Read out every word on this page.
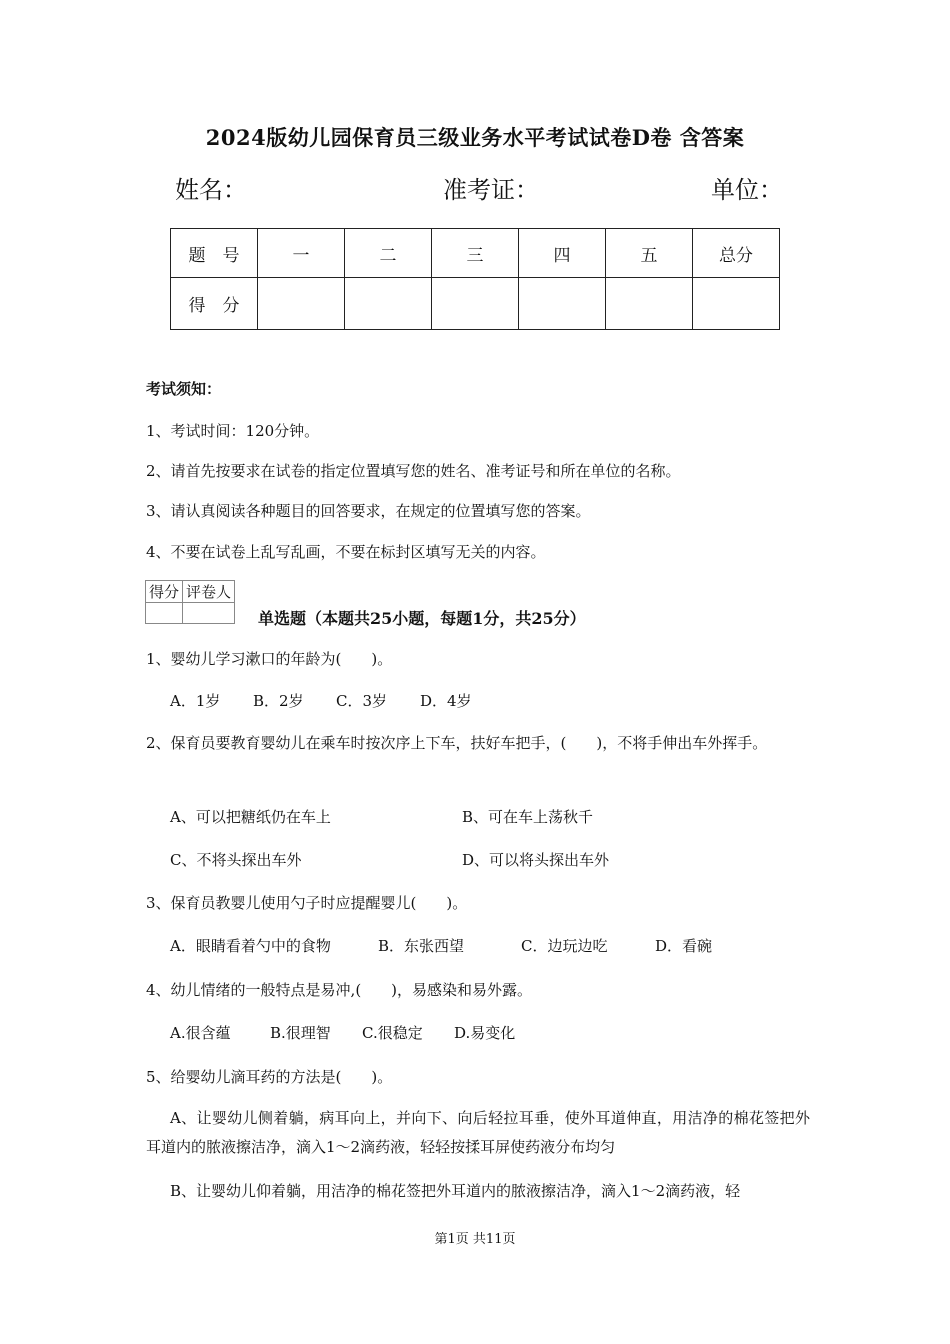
2024版幼儿园保育员三级业务水平考试试卷D卷 含答案
姓名：	准考证：	单位：
题　号	一	二	三	四	五	总分
得　分						
考试须知：
1、考试时间：120分钟。
2、请首先按要求在试卷的指定位置填写您的姓名、准考证号和所在单位的名称。
3、请认真阅读各种题目的回答要求，在规定的位置填写您的答案。
4、不要在试卷上乱写乱画，不要在标封区填写无关的内容。
得分	评卷人

单选题（本题共25小题，每题1分，共25分）
1、婴幼儿学习漱口的年龄为(　　)。
A．1岁 B．2岁 C．3岁 D．4岁
2、保育员要教育婴幼儿在乘车时按次序上下车，扶好车把手，(　　)，不将手伸出车外挥手。
A、可以把糖纸仍在车上	B、可在车上荡秋千
C、不将头探出车外	D、可以将头探出车外
3、保育员教婴儿使用勺子时应提醒婴儿(　　)。
A．眼睛看着勺中的食物	B．东张西望	C．边玩边吃	D．看碗
4、幼儿情绪的一般特点是易冲,(　　)，易感染和易外露。
A.很含蕴	B.很理智 C.很稳定 D.易变化
5、给婴幼儿滴耳药的方法是(　　)。
A、让婴幼儿侧着躺，病耳向上，并向下、向后轻拉耳垂，使外耳道伸直，用洁净的棉花签把外耳道内的脓液擦洁净，滴入1～2滴药液，轻轻按揉耳屏使药液分布均匀
B、让婴幼儿仰着躺，用洁净的棉花签把外耳道内的脓液擦洁净，滴入1～2滴药液，轻
第1页 共11页
